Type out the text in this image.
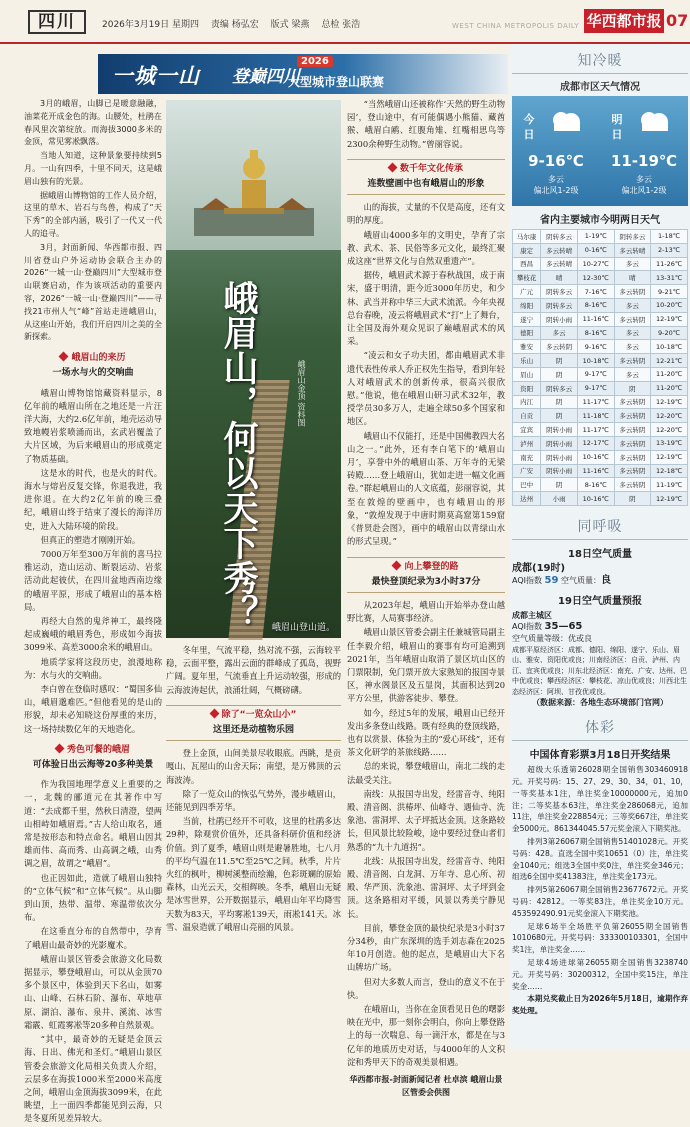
四川	2026年3月19日 星期四 责编 杨弘宏 版式 梁燕 总检 张浩	WEST CHINA METROPOLIS DAILY 华西都市报 07
一城一山 登巅四川
2026
大型城市登山联赛
峨眉山，何以天下秀？	峨眉山金顶 资料图
峨眉山登山道。

3月的峨眉，山脚已是暖意融融，油菜花开成金色的海。山腰处，杜鹃在春风里次第绽放。而海拔3000多米的金顶，常见雾凇飘落。

当地人知道，这种景象要持续到5月。一山有四季，十里不同天，这是峨眉山独有的光景。

据峨眉山博物馆的工作人员介绍，这里的草木、岩石与鸟兽，构成了“天下秀”的全部内涵，吸引了一代又一代人的追寻。

3月，封面新闻、华西都市报、四川省登山户外运动协会联合主办的2026“一城一山·登巅四川”大型城市登山联赛启动，作为该项活动的重要内容，2026“一城一山·登巅四川”——寻找21市州人气“峰”首站走进峨眉山，从这座山开始，我们开启四川之美的全新探索。

峨眉山的来历
一场水与火的交响曲

峨眉山博物馆馆藏资料显示，8亿年前的峨眉山所在之地还是一片汪洋大海，大约2.6亿年前，地壳运动导致地幔岩浆喷涌而出，玄武岩覆盖了大片区域，为后来峨眉山的形成奠定了物质基础。

这是水的时代，也是火的时代。海水与熔岩反复交锋，你退我进，我进你退。在大约2亿年前的晚三叠纪，峨眉山终于结束了漫长的海洋历史，进入大陆环境的阶段。

但真正的塑造才刚刚开始。

7000万年至300万年前的喜马拉雅运动，造山运动、断裂运动、岩浆活动此起彼伏，在四川盆地西南边缘的峨眉平原，形成了峨眉山的基本格局。

再经大自然的鬼斧神工，最终隆起成巍峨的峨眉秀色，形成如今海拔3099米、高差3000余米的峨眉山。

地质学家将这段历史，浪漫地称为：水与火的交响曲。

李白曾在登临时感叹：“蜀国多仙山，峨眉邈难匹。”但他看见的是山的形貌，却未必知晓这份厚重的来历，这一场持续数亿年的天地造化。

秀色可餐的峨眉
可体验日出云海等20多种美景

作为我国地理学意义上重要的之一，北魏的郦道元在其著作中写道：“去成都千里，然秋日清澄，望两山相峙如峨眉焉。”古人给山取名，通常是按形态和特点命名。峨眉山因其雄而伟、高而秀、山高调之峨，山秀调之眉，故谓之“峨眉”。

也正因如此，造就了峨眉山独特的“立体气候”和“立体气候”。从山脚到山顶，热带、温带、寒温带依次分布。

在这垂直分布的自然带中，孕育了峨眉山最奇妙的光影魔术。

峨眉山景区管委会旅游文化局数据显示，攀登峨眉山，可以从金顶70多个景区中，体验到天下名山，如雾山、山峰、石林石阶、瀑布、草地草原、湖泊、瀑布、泉井、溪流、冰雪霜霰、虹霞雾凇等20多种自然景观。

“其中，最奇妙的无疑是金顶云海、日出、佛光和圣灯。”峨眉山景区管委会旅游文化局相关负责人介绍，云层多在海拔1000米至2000米高度之间，峨眉山金顶海拔3099米，在此眺望，上一面四季都能见到云海，只是冬夏所见差异较大。

冬年里，气流平稳，热对流不强，云海较平稳，云面平整，露出云面的群峰成了孤岛，视野广阔。夏年里，气流垂直上升运动较强，形成的云海波涛起伏，浪涌壮阔，气概磅礴。

除了“一览众山小”
这里还是动植物乐园

登上金顶，山间美景尽收眼底。西眺，是贡嘎山、瓦屋山的山舍天际；南望，是万佛顶的云海波涛。

除了一览众山的恢弘气势外，漫步峨眉山，还能见到四季芳华。

当前，杜鹃已经开不可收，这里的杜鹃多达29种，除观赏价值外，还具备科研价值和经济价值。到了夏季，峨眉山则是避暑胜地，七八月的平均气温在11.5℃至25℃之间。秋季，片片火红的枫叶，柳树溪整而绘瀚，色彩斑斓的原始森林，山光云天，交相辉映。冬季，峨眉山无疑是冰雪世界，公开数据显示，峨眉山年平均降雪天数为83天，平均雾凇139天，雨凇141天。冰雪、温泉造就了峨眉山亮丽的风景。

“当然峨眉山还被称作‘天然的野生动物园’，登山途中，有可能偶遇小熊猫、藏酋猴、峨眉白鹇、红腹角雉、红嘴相思鸟等2300余种野生动物。”曾丽容说。

数千年文化传承
连数壁画中也有峨眉山的形象

山的海拔，丈量的不仅是高度，还有文明的厚度。

峨眉山4000多年的文明史，孕育了宗教、武术、茶、民俗等多元文化，最终汇聚成这座“世界文化与自然双重遗产”。

据传，峨眉武术源于春秋战国，成于南宋，盛于明清，距今近3000年历史，和少林、武当并称中华三大武术流派。今年央视总台春晚，凌云将峨眉武术“打”上了舞台，让全国及海外观众见识了巅峨眉武术的风采。

“凌云和女子功夫团，都由峨眉武术非遗代表性传承人乔正权先生指导，看到年轻人对峨眉武术的创新传承，很高兴很欣慰。”他说，他在峨眉山研习武术32年，教授学员30多万人，走遍全球50多个国家和地区。

峨眉山不仅能打，还是中国佛教四大名山之一。”此外，还有李白笔下的‘峨眉山月’，享誉中外的峨眉山茶、万年寺的无梁砖殿……登上峨眉山，犹如走进一幅文化画卷。”群起峨眉山的人文底蕴，彭丽容说，其至在敦煌的壁画中，也有峨眉山的形象，“敦煌发现于中唐时期莫高窟第159窟《普贤赴会图》，画中的峨眉山以青绿山水的形式呈现。”

向上攀登的路
最快登顶纪录为3小时37分

从2023年起，峨眉山开始举办登山越野比赛，人局赛事经济。

峨眉山景区管委会副主任兼城管局副主任李毅介绍，峨眉山的赛事有均可追溯到2021年，当年峨眉山取消了景区坑山区的门票限制，免门票开放大家熟知的报国寺景区，神水阁景区及五显岗，其面积达到20平方公里，供游客徒步、攀登。

如今，经过5年的发展，峨眉山已经开发出多条登山线路。既有经典的登顶线路，也有以赏景、体验为主的“爱心环线”，还有茶文化研学的茶旅线路……

总的来说，攀登峨眉山，南北二线的走法最受关注。

南线：从报国寺出发，经雷音寺、纯阳殿、清音阁、洪椿坪、仙峰寺、遇仙寺、洗象池、雷洞坪、太子坪抵达金顶。这条路较长，但风景比较险峻，途中要经过登山者们熟悉的“九十九道拐”。

北线：从报国寺出发，经雷音寺、纯阳殿、清音阁、白龙洞、万年寺、息心所、初殿、华严顶、洗象池、雷洞坪、太子坪到金顶。这条路相对平缓，风景以秀美宁静见长。

目前，攀登金顶的最快纪录是3小时37分34秒，由广东深圳的选手刘志森在2025年10月创造。他的起点，是峨眉山大下名山牌坊广场。

但对大多数人而言，登山的意义不在于快。

在峨眉山，当你在金顶看见日色的曙影映在光中，那一刻你会明白，你向上攀登路上的每一次喘息、每一滴汗水，都是在与3亿年的地质历史对话，与4000年的人文积淀和秀甲天下的奇观美景相遇。

华西都市报-封面新闻记者 杜卓滨 峨眉山景区管委会供图

知冷暖
成都市区天气情况
今日
9-16℃
多云
偏北风1-2级
明日
11-19℃
多云
偏北风1-2级
省内主要城市今明两日天气
马尔康	阴转多云	1-19℃	阴转多云	1-18℃
康定	多云转晴	0-16℃	多云转晴	2-13℃
西昌	多云转晴	10-27℃	多云	11-26℃
攀枝花	晴	12-30℃	晴	13-31℃
广元	阴转多云	7-16℃	多云转阴	9-21℃
绵阳	阴转多云	8-16℃	多云	10-20℃
遂宁	阴转小雨	11-16℃	多云转阴	12-19℃
德阳	多云	8-16℃	多云	9-20℃
雅安	多云转阴	9-16℃	多云	10-18℃
乐山	阴	10-18℃	多云转阴	12-21℃
眉山	阴	9-17℃	多云	11-20℃
资阳	阴转多云	9-17℃	阴	11-20℃
内江	阴	11-17℃	多云转阴	12-19℃
自贡	阴	11-18℃	多云转阴	12-20℃
宜宾	阴转小雨	11-17℃	多云转阴	12-20℃
泸州	阴转小雨	12-17℃	多云转阴	13-19℃
南充	阴转小雨	10-16℃	多云转阴	12-19℃
广安	阴转小雨	11-16℃	多云转阴	12-18℃
巴中	阴	8-16℃	多云转阴	11-19℃
达州	小雨	10-16℃	阴	12-19℃
同呼吸
18日空气质量
成都(19时)
AQI指数 59 空气质量：良
19日空气质量预报
成都主城区
AQI指数 35—65
空气质量等级：优或良
成都平原经济区：成都、德阳、绵阳、遂宁、乐山、眉山、雅安、资阳优或良；川南经济区：自贡、泸州、内江、宜宾优或良；川东北经济区：南充、广安、达州、巴中优或良；攀西经济区：攀枝花、凉山优或良；川西北生态经济区：阿坝、甘孜优或良。
（数据来源：各地生态环境部门官网）
体彩
中国体育彩票3月18日开奖结果

超级大乐透第26028期全国销售303460918元。开奖号码：15、27、29、30、34，01、10，一等奖基本1注，单注奖金10000000元，追加0注；二等奖基本63注，单注奖金286068元，追加11注，单注奖金228854元；三等奖667注，单注奖金5000元。861344045.57元奖金滚入下期奖池。

排列3第26067期全国销售51401028元。开奖号码：428。直选全国中奖10651（0）注，单注奖金1040元；组选3全国中奖0注，单注奖金346元；组选6全国中奖41383注，单注奖金173元。

排列5第26067期全国销售23677672元。开奖号码：42812。一等奖83注，单注奖金10万元。453592490.91元奖金滚入下期奖池。

足球6场半全场胜平负第26055期全国销售1010680元。开奖号码：333300103301，全国中奖1注，单注奖金……

足球4场进球第26055期全国销售3238740元。开奖号码：30200312，全国中奖15注，单注奖金……

本期兑奖截止日为2026年5月18日，逾期作弃奖处理。
